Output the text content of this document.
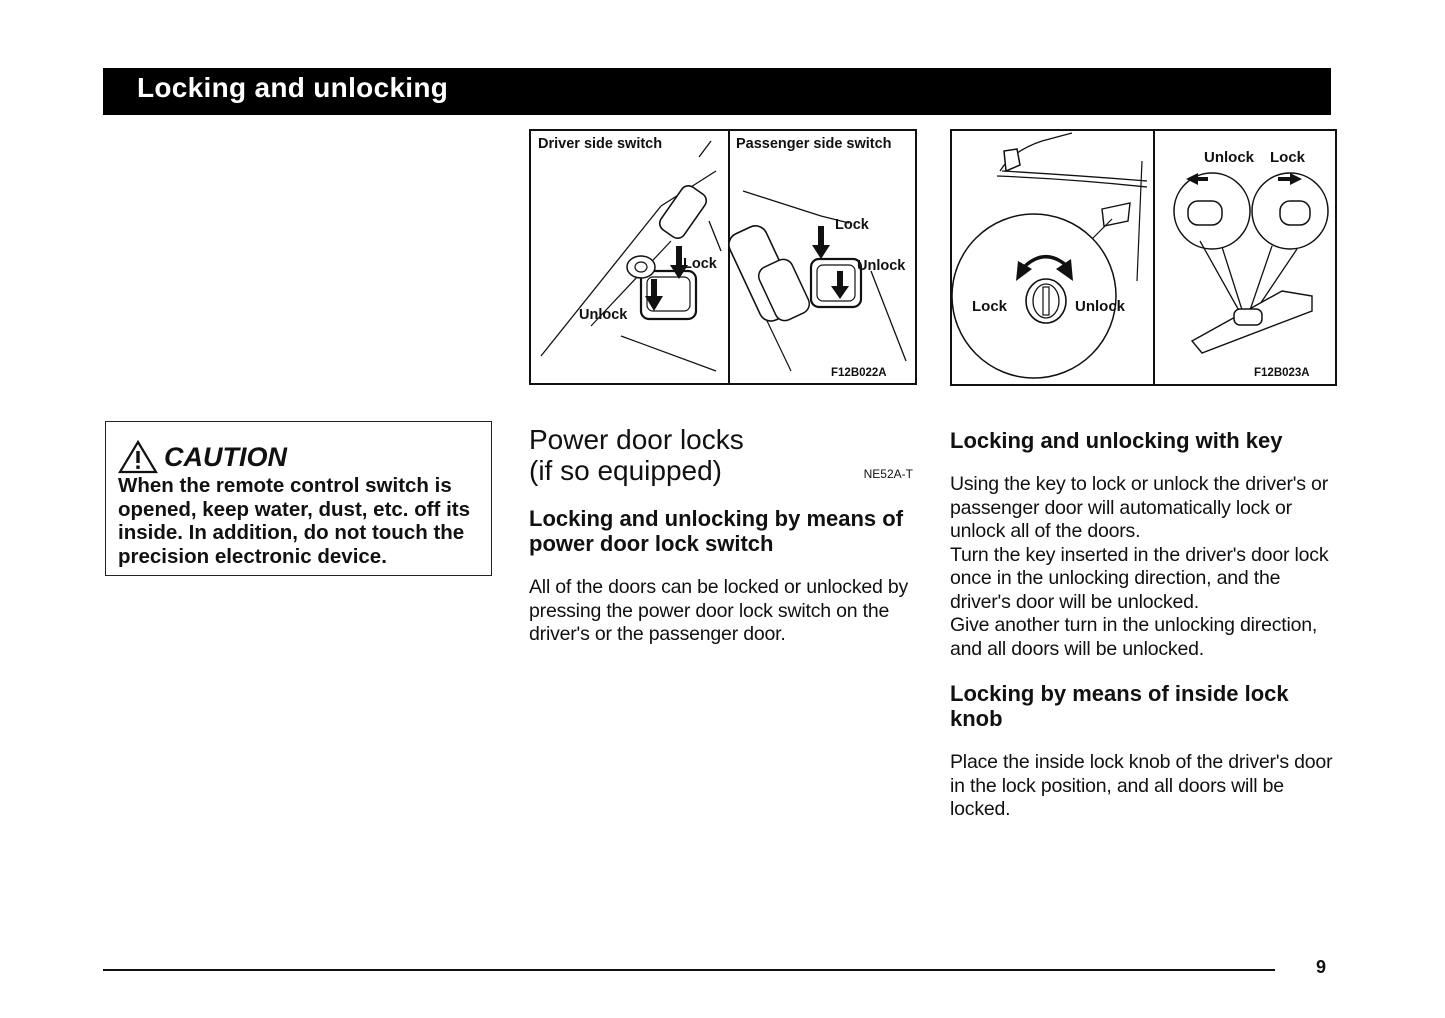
Locking and unlocking
Driver side switch	Passenger side switch
Lock
Unlock
Lock
Unlock
F12B022A
Unlock Lock
Lock	Unlock
F12B023A
CAUTION
When the remote control switch is opened, keep water, dust, etc. off its inside. In addition, do not touch the precision electronic device.
Power door locks
(if so equipped)	NE52A-T

Locking and unlocking by means of power door lock switch

All of the doors can be locked or unlocked by pressing the power door lock switch on the driver's or the passenger door.

Locking and unlocking with key

Using the key to lock or unlock the driver's or passenger door will automatically lock or unlock all of the doors.

Turn the key inserted in the driver's door lock once in the unlocking direction, and the driver's door will be unlocked.

Give another turn in the unlocking direction, and all doors will be unlocked.

Locking by means of inside lock knob

Place the inside lock knob of the driver's door in the lock position, and all doors will be locked.

9
